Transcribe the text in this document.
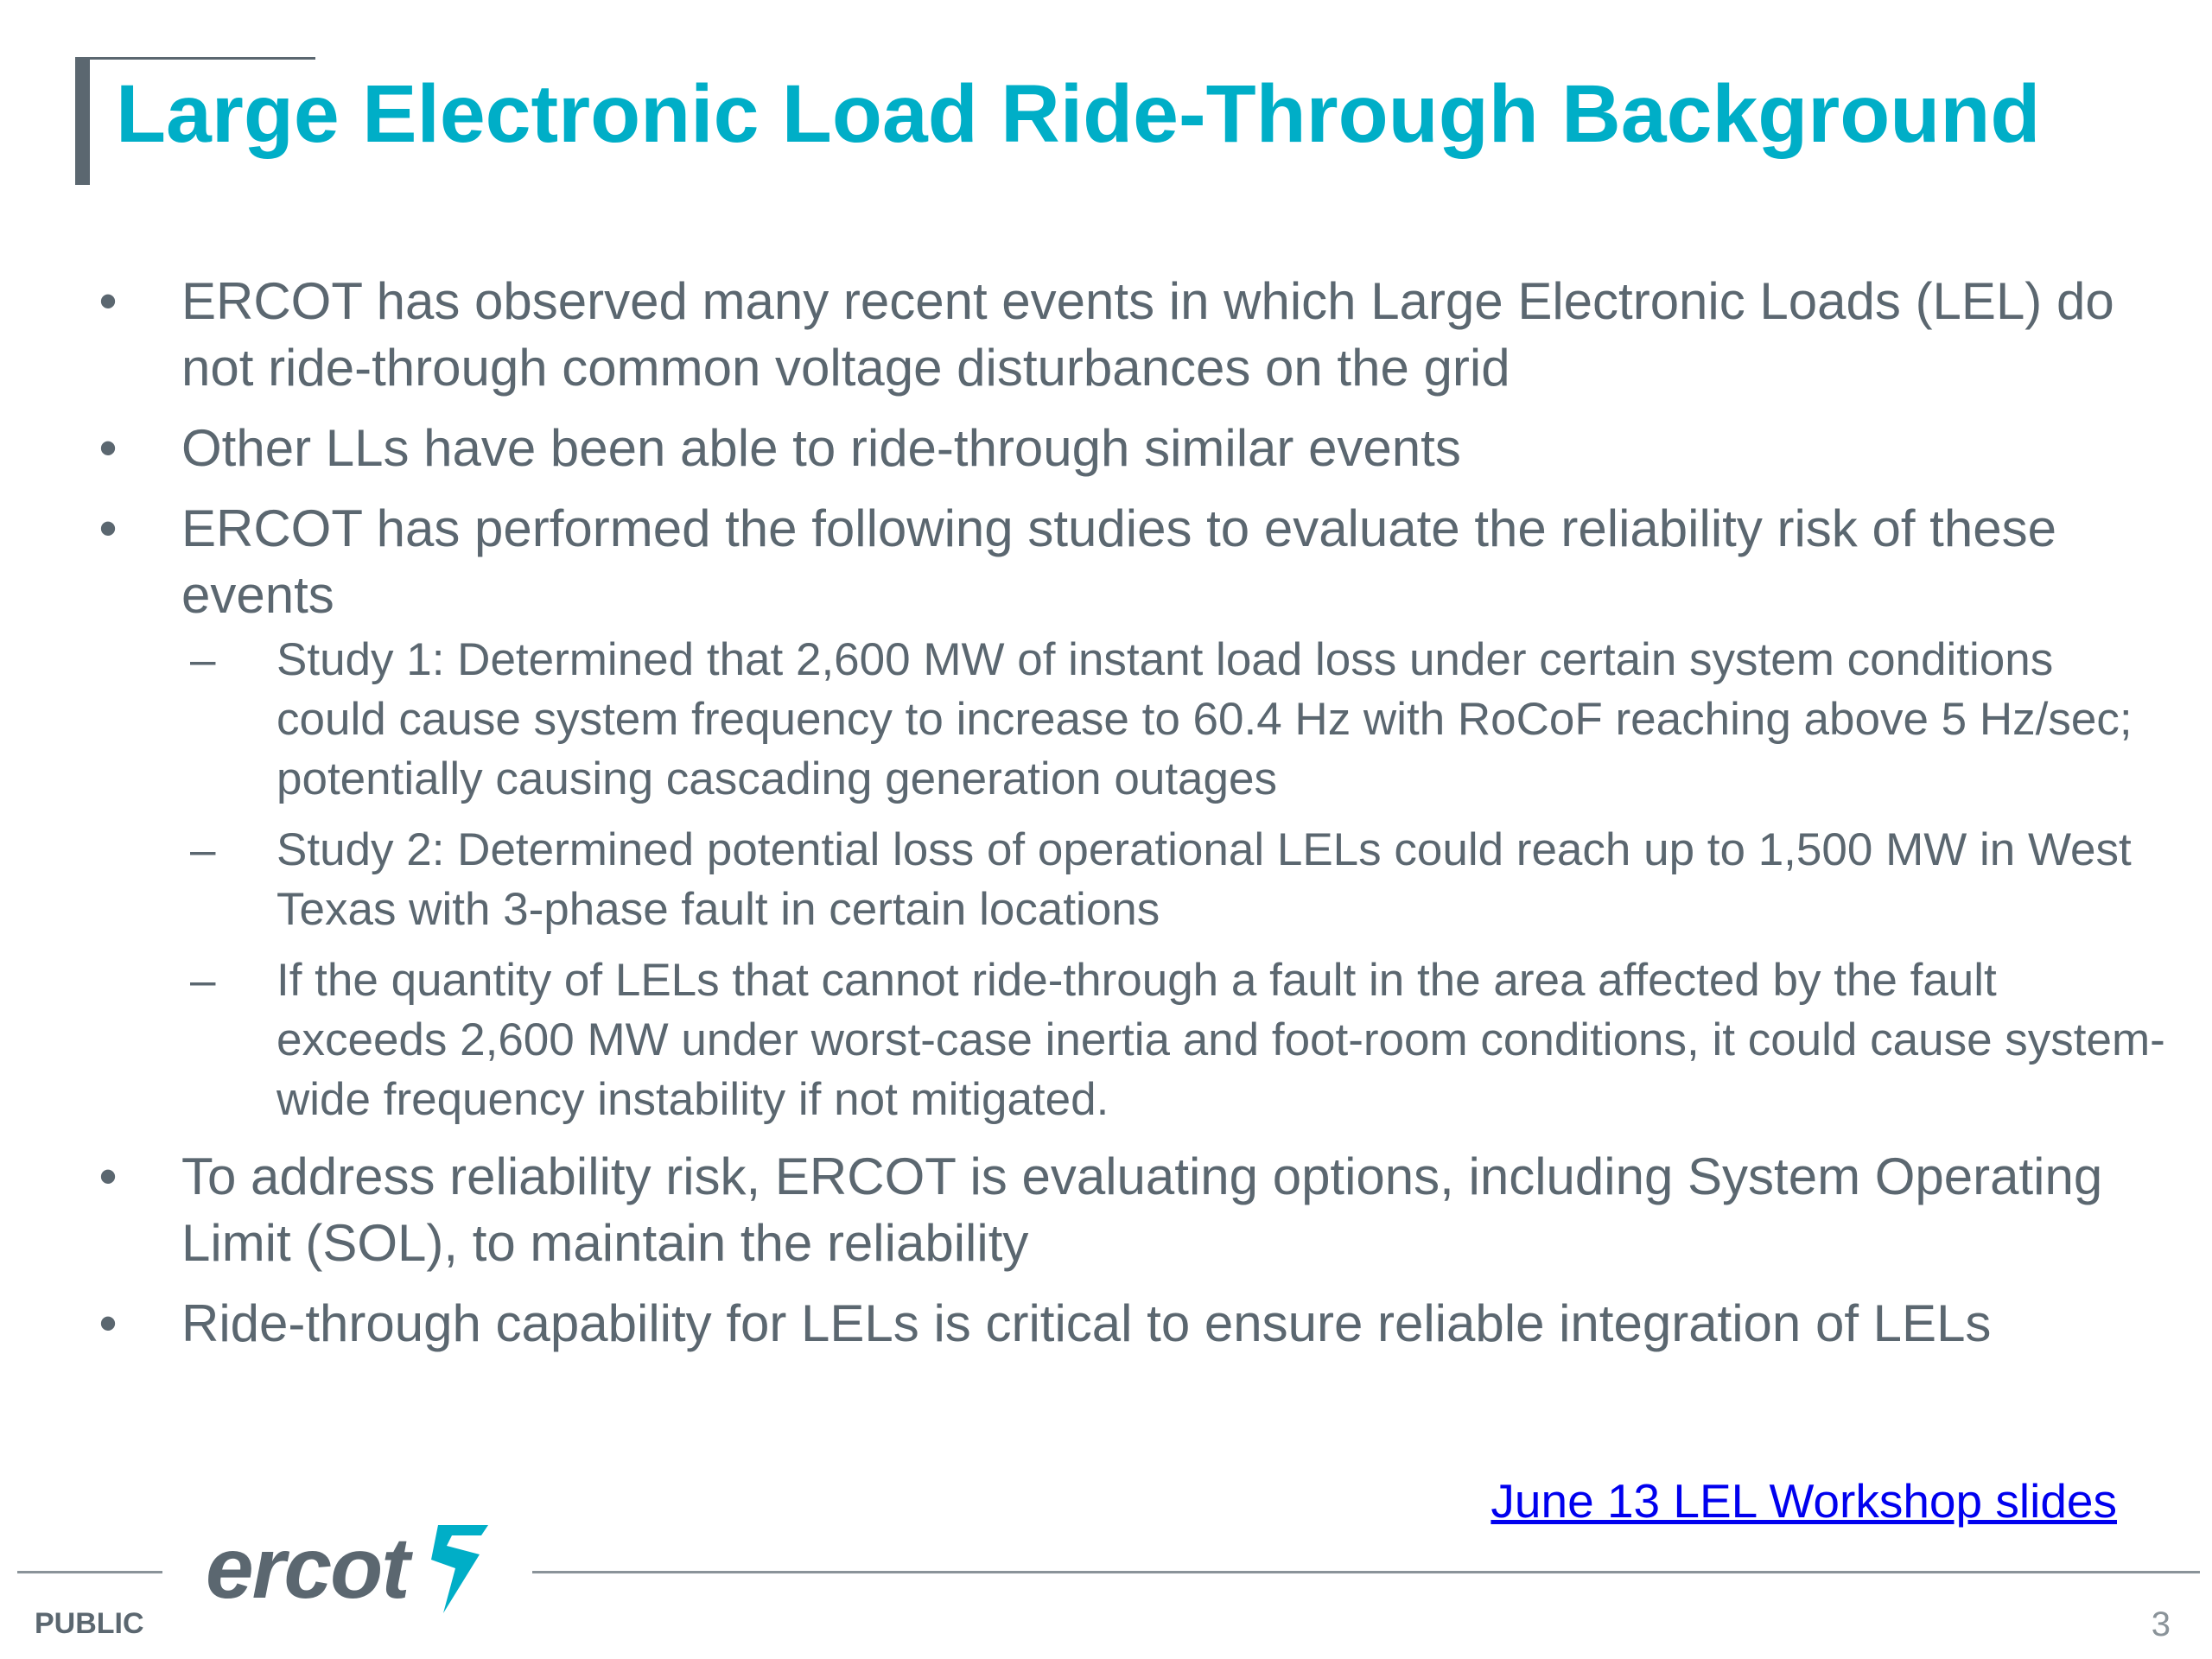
Large Electronic Load Ride-Through Background
• ERCOT has observed many recent events in which Large Electronic Loads (LEL) do not ride-through common voltage disturbances on the grid
• Other LLs have been able to ride-through similar events
• ERCOT has performed the following studies to evaluate the reliability risk of these events
– Study 1: Determined that 2,600 MW of instant load loss under certain system conditions could cause system frequency to increase to 60.4 Hz with RoCoF reaching above 5 Hz/sec; potentially causing cascading generation outages
– Study 2: Determined potential loss of operational LELs could reach up to 1,500 MW in West Texas with 3-phase fault in certain locations
– If the quantity of LELs that cannot ride-through a fault in the area affected by the fault exceeds 2,600 MW under worst-case inertia and foot-room conditions, it could cause system-wide frequency instability if not mitigated.
• To address reliability risk, ERCOT is evaluating options, including System Operating Limit (SOL), to maintain the reliability
• Ride-through capability for LELs is critical to ensure reliable integration of LELs
June 13 LEL Workshop slides
ercot
PUBLIC	3
